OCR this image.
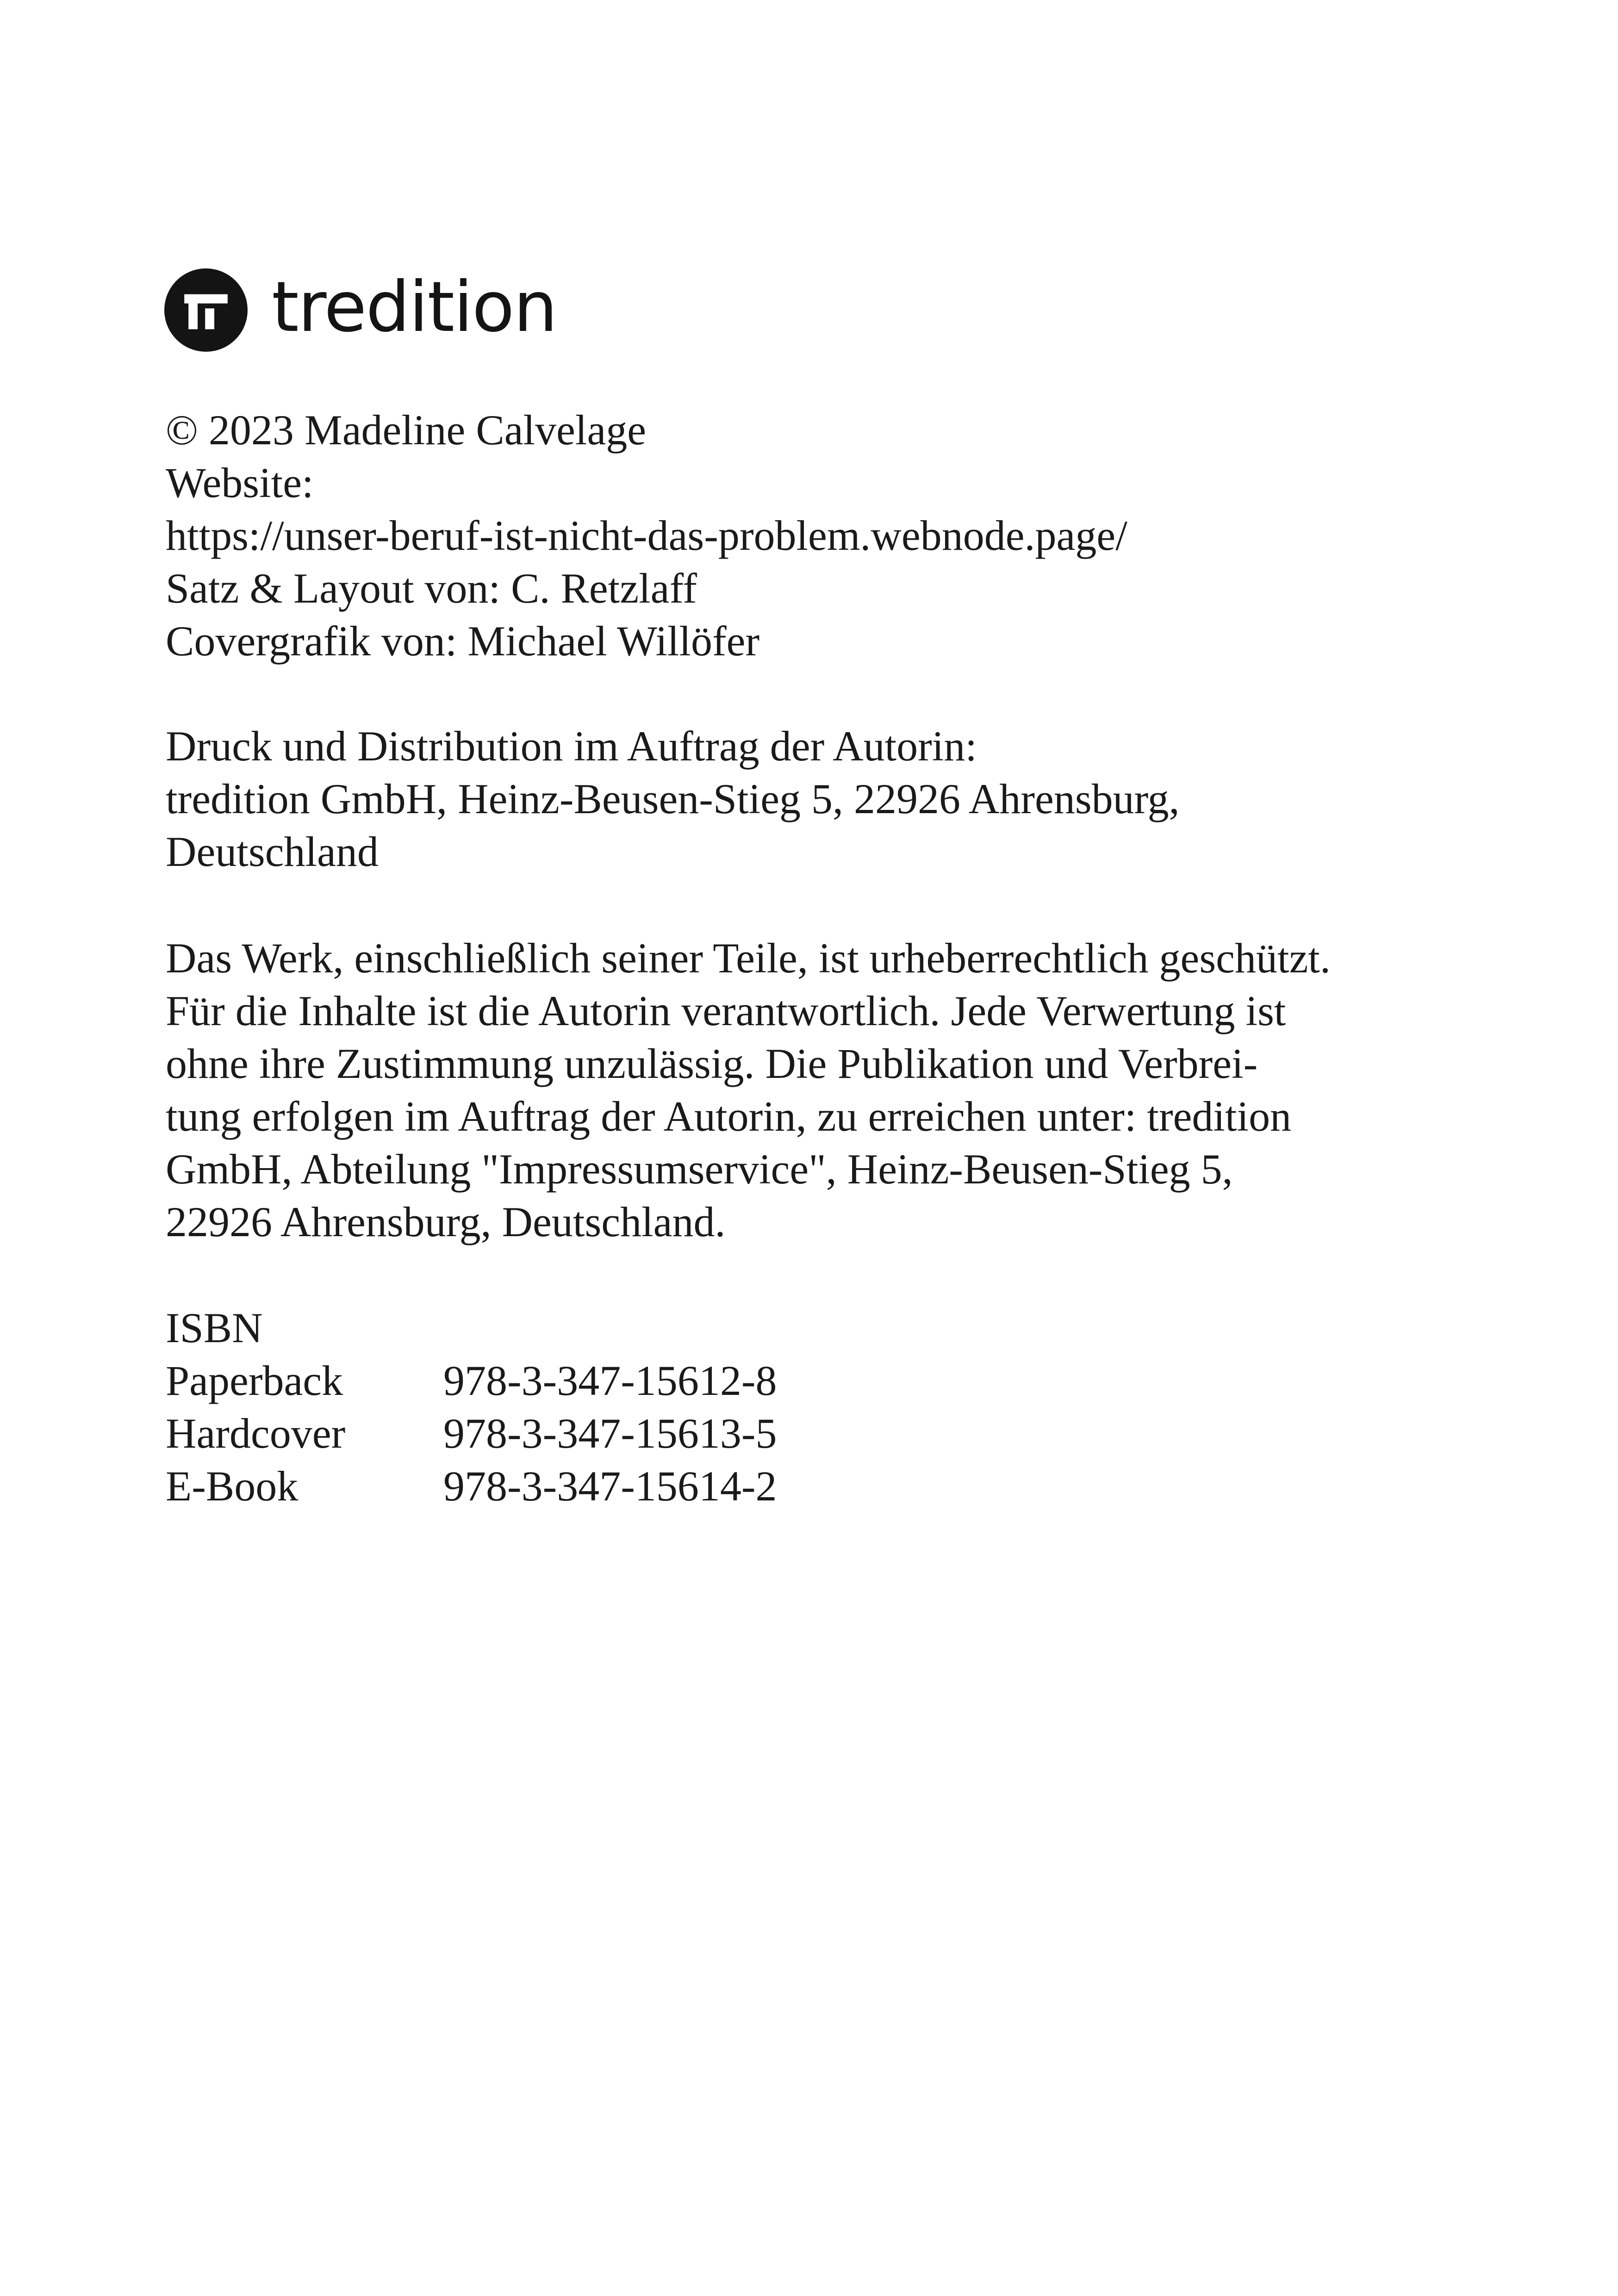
tredition
© 2023 Madeline Calvelage
Website:
https://unser-beruf-ist-nicht-das-problem.webnode.page/
Satz & Layout von: C. Retzlaff
Covergrafik von: Michael Willöfer
Druck und Distribution im Auftrag der Autorin:
tredition GmbH, Heinz-Beusen-Stieg 5, 22926 Ahrensburg,
Deutschland
Das Werk, einschließlich seiner Teile, ist urheberrechtlich geschützt.
Für die Inhalte ist die Autorin verantwortlich. Jede Verwertung ist
ohne ihre Zustimmung unzulässig. Die Publikation und Verbrei-
tung erfolgen im Auftrag der Autorin, zu erreichen unter: tredition
GmbH, Abteilung "Impressumservice", Heinz-Beusen-Stieg 5,
22926 Ahrensburg, Deutschland.
ISBN
Paperback	978-3-347-15612-8
Hardcover	978-3-347-15613-5
E-Book	978-3-347-15614-2
